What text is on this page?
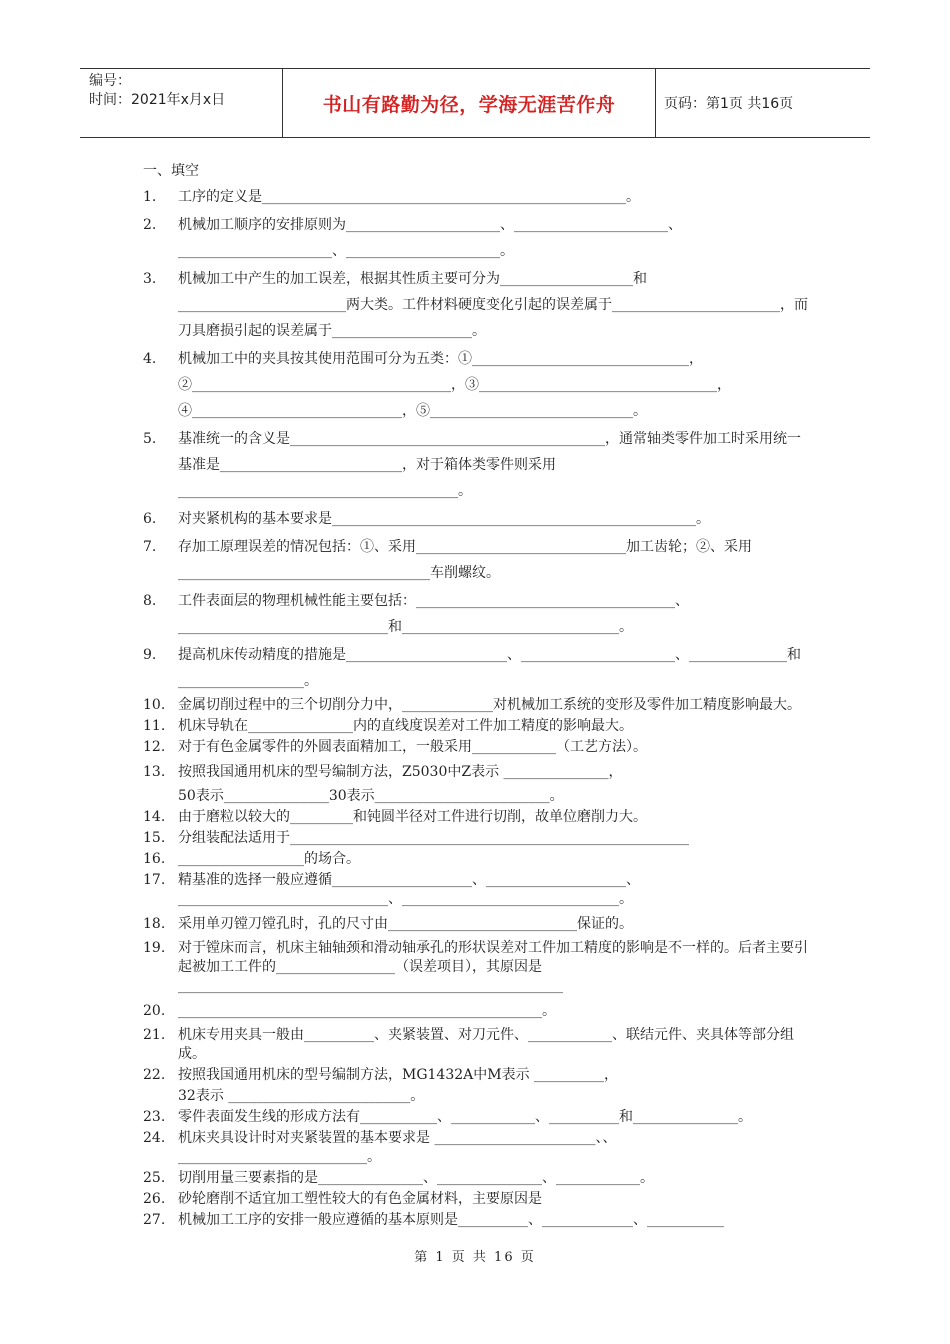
编号：
时间：2021年x月x日	书山有路勤为径，学海无涯苦作舟	页码：第1页 共16页
一、填空
1. 工序的定义是____________________________________________________。
2. 机械加工顺序的安排原则为______________________、______________________、______________________、______________________。
3. 机械加工中产生的加工误差，根据其性质主要可分为___________________和________________________两大类。工件材料硬度变化引起的误差属于________________________，而刀具磨损引起的误差属于____________________。
4. 机械加工中的夹具按其使用范围可分为五类：①_______________________________，②_____________________________________，③__________________________________，④______________________________，⑤_____________________________。
5. 基准统一的含义是_____________________________________________，通常轴类零件加工时采用统一基准是__________________________，对于箱体类零件则采用________________________________________。
6. 对夹紧机构的基本要求是____________________________________________________。
7. 存加工原理误差的情况包括：①、采用______________________________加工齿轮；②、采用____________________________________车削螺纹。
8. 工件表面层的物理机械性能主要包括：_____________________________________、______________________________和_______________________________。
9. 提高机床传动精度的措施是_______________________、______________________、______________和__________________。
10. 金属切削过程中的三个切削分力中，_____________对机械加工系统的变形及零件加工精度影响最大。
11. 机床导轨在_______________内的直线度误差对工件加工精度的影响最大。
12. 对于有色金属零件的外圆表面精加工，一般采用____________（工艺方法）。
13. 按照我国通用机床的型号编制方法，Z5030中Z表示 _______________，
50表示_______________30表示_________________________。
14. 由于磨粒以较大的_________和钝圆半径对工件进行切削，故单位磨削力大。
15. 分组装配法适用于_________________________________________________________
16. __________________的场合。
17. 精基准的选择一般应遵循____________________、____________________、______________________________、_______________________________。
18. 采用单刃镗刀镗孔时，孔的尺寸由___________________________保证的。
19. 对于镗床而言，机床主轴轴颈和滑动轴承孔的形状误差对工件加工精度的影响是不一样的。后者主要引起被加工工件的_________________（误差项目），其原因是_______________________________________________________
20. ____________________________________________________。
21. 机床专用夹具一般由__________、夹紧装置、对刀元件、____________、联结元件、夹具体等部分组成。
22. 按照我国通用机床的型号编制方法，MG1432A中M表示 __________，
32表示 __________________________。
23. 零件表面发生线的形成方法有___________、____________、__________和_______________。
24. 机床夹具设计时对夹紧装置的基本要求是 _______________________、、___________________________。
25. 切削用量三要素指的是_______________、_______________、____________。
26. 砂轮磨削不适宜加工塑性较大的有色金属材料，主要原因是
27. 机械加工工序的安排一般应遵循的基本原则是__________、_____________、___________
第 1 页 共 16 页
